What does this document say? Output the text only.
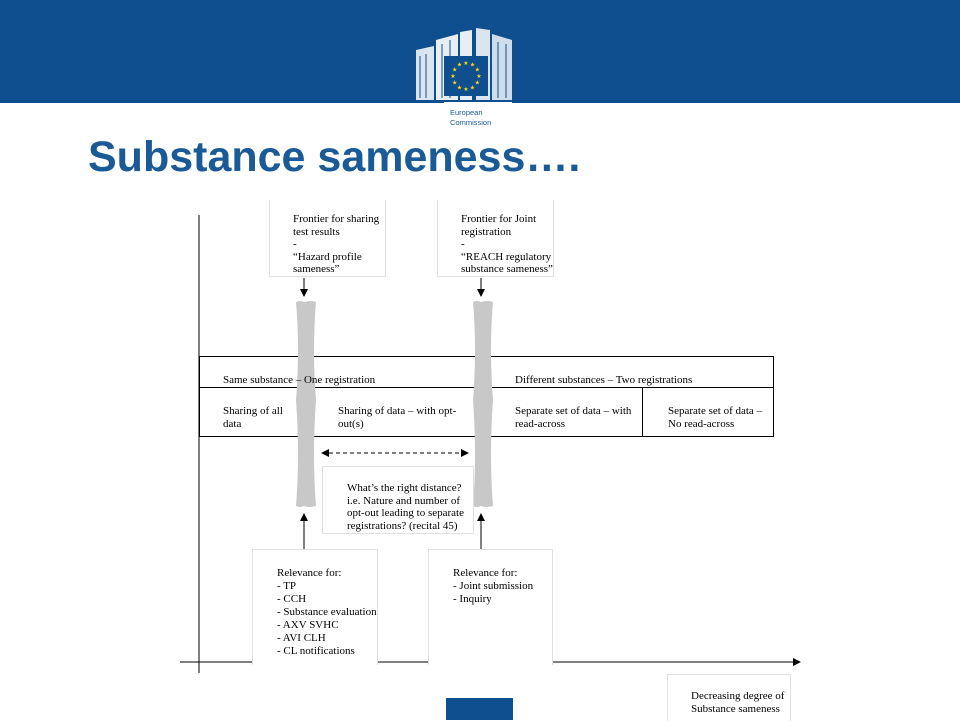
★ ★
★
★
★
★
★
★
★
★
★
★
European
Commission
Substance sameness….
Frontier for sharing
test results
-
“Hazard profile
sameness”
Frontier for Joint
registration
-
“REACH regulatory
substance sameness”
Same substance – One registration	Different substances – Two registrations
Sharing of all
data
Sharing of data – with opt-
out(s)
Separate set of data – with
read-across
Separate set of data –
No read-across
What’s the right distance?
i.e. Nature and number of
opt-out leading to separate
registrations? (recital 45)
Relevance for:
- TP
- CCH
- Substance evaluation
- AXV SVHC
- AVI CLH
- CL notifications
Relevance for:
- Joint submission
- Inquiry
Decreasing degree of
Substance sameness
